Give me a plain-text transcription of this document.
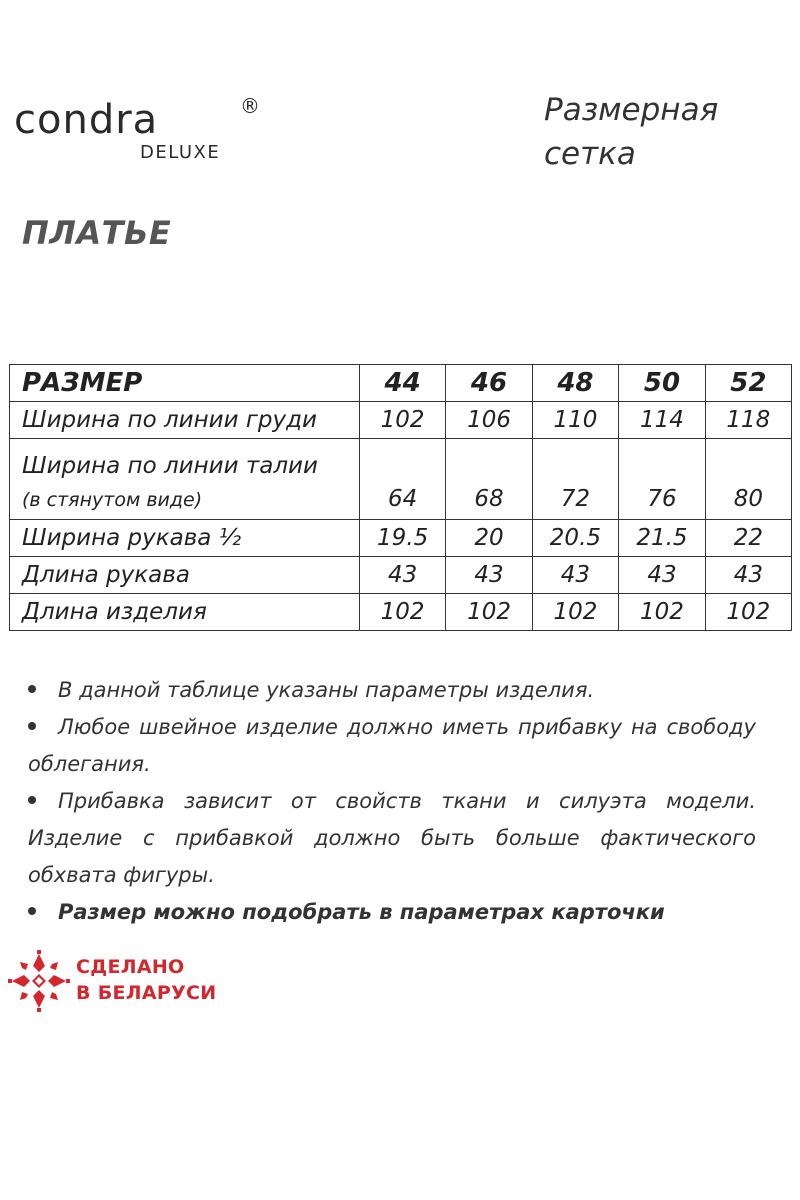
condra	®
DELUXE
Размерная сетка
ПЛАТЬЕ
РАЗМЕР	44	46	48	50	52
Ширина по линии груди	102	106	110	114	118

Ширина по линии талии
(в стянутом виде)	64	68	72	76	80
Ширина рукава ½	19.5	20	20.5	21.5	22
Длина рукава	43	43	43	43	43
Длина изделия	102	102	102	102	102
В данной таблице указаны параметры изделия.
Любое швейное изделие должно иметь прибавку на свободу облегания.
Прибавка зависит от свойств ткани и силуэта модели. Изделие с прибавкой должно быть больше фактического обхвата фигуры.
Размер можно подобрать в параметрах карточки
СДЕЛАНО
В БЕЛАРУСИ
